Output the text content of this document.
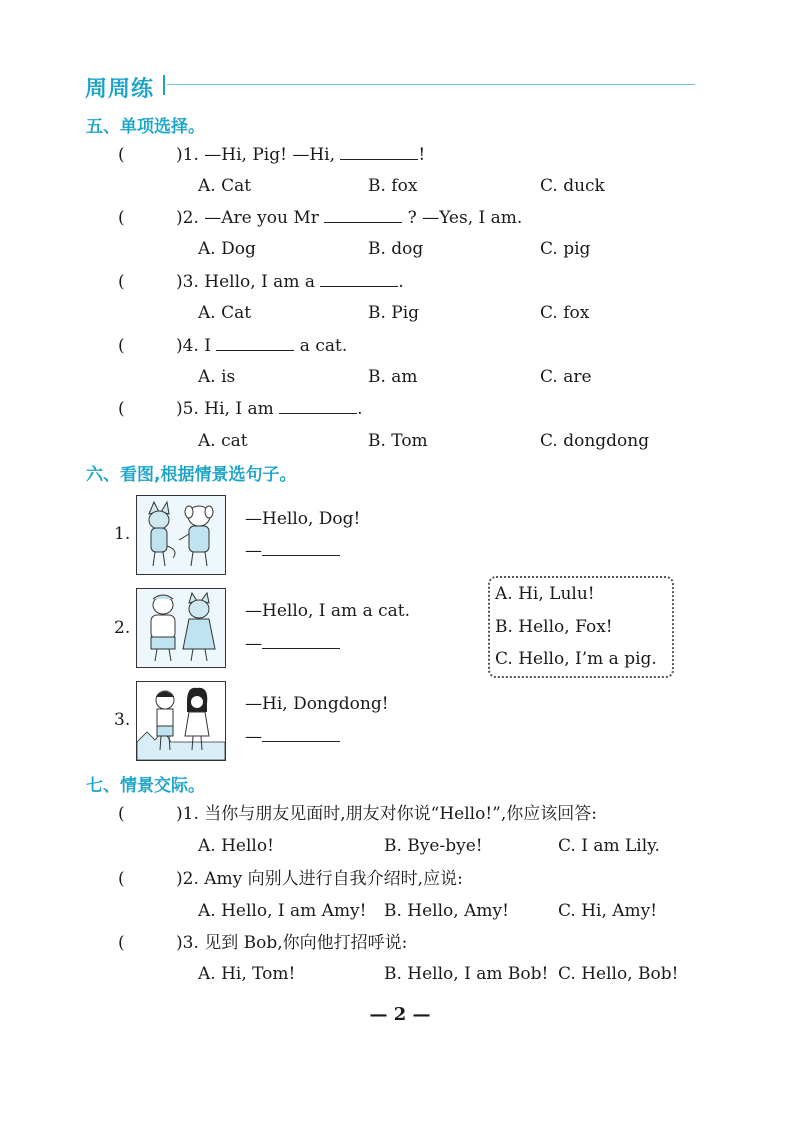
周周练
五、单项选择。
(	)1. —Hi, Pig! —Hi,	!
A. Cat	B. fox	C. duck
(	)2. —Are you Mr	? —Yes, I am.
A. Dog	B. dog	C. pig
(	)3. Hello, I am a	.
A. Cat	B. Pig	C. fox
(	)4. I	a cat.
A. is	B. am	C. are
(	)5. Hi, I am	.
A. cat	B. Tom	C. dongdong
六、看图,根据情景选句子。
1.
—Hello, Dog!
—
2.
—Hello, I am a cat.
—
3.
—Hi, Dongdong!
—
A. Hi, Lulu!
B. Hello, Fox!
C. Hello, I’m a pig.
七、情景交际。
(	)1. 当你与朋友见面时,朋友对你说“Hello!”,你应该回答:
A. Hello!	B. Bye-bye!	C. I am Lily.
(	)2. Amy 向别人进行自我介绍时,应说:
A. Hello, I am Amy! B. Hello, Amy!	C. Hi, Amy!
(	)3. 见到 Bob,你向他打招呼说:
A. Hi, Tom!	B. Hello, I am Bob! C. Hello, Bob!
— 2 —
